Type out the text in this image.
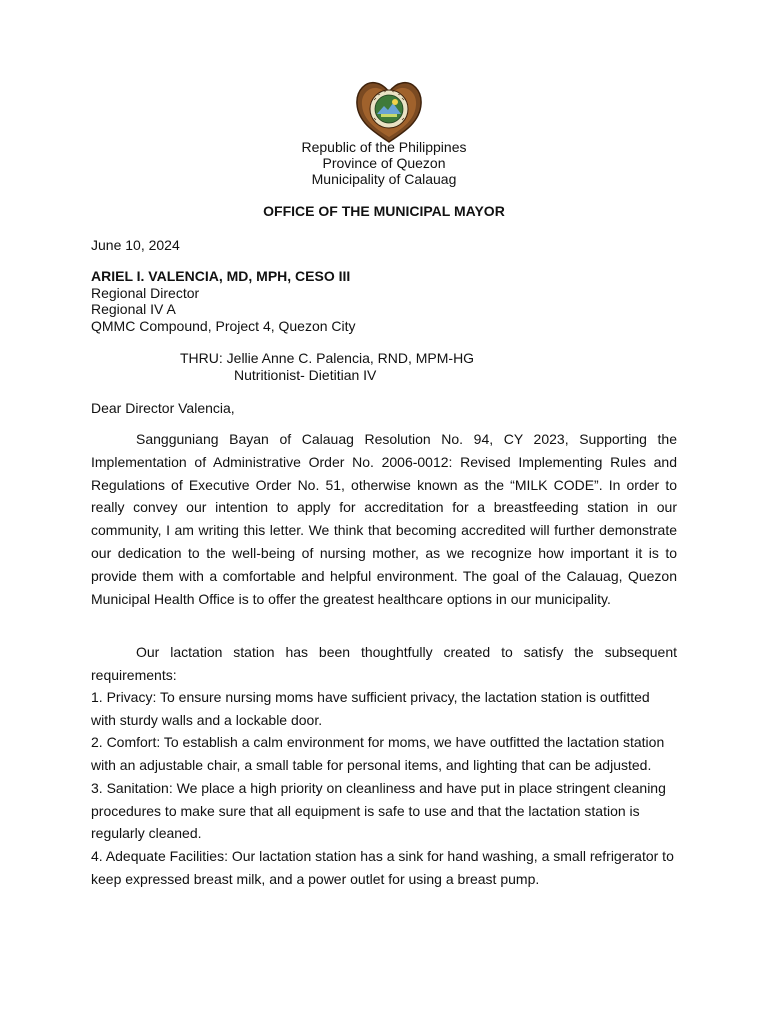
Republic of the Philippines
Province of Quezon
Municipality of Calauag
OFFICE OF THE MUNICIPAL MAYOR
June 10, 2024
ARIEL I. VALENCIA, MD, MPH, CESO III
Regional Director
Regional IV A
QMMC Compound, Project 4, Quezon City
THRU: Jellie Anne C. Palencia, RND, MPM-HG
Nutritionist- Dietitian IV
Dear Director Valencia,

Sangguniang Bayan of Calauag Resolution No. 94, CY 2023, Supporting the Implementation of Administrative Order No. 2006-0012: Revised Implementing Rules and Regulations of Executive Order No. 51, otherwise known as the “MILK CODE”. In order to really convey our intention to apply for accreditation for a breastfeeding station in our community, I am writing this letter. We think that becoming accredited will further demonstrate our dedication to the well-being of nursing mother, as we recognize how important it is to provide them with a comfortable and helpful environment. The goal of the Calauag, Quezon Municipal Health Office is to offer the greatest healthcare options in our municipality.

Our lactation station has been thoughtfully created to satisfy the subsequent requirements:

1. Privacy: To ensure nursing moms have sufficient privacy, the lactation station is outfitted with sturdy walls and a lockable door.
2. Comfort: To establish a calm environment for moms, we have outfitted the lactation station with an adjustable chair, a small table for personal items, and lighting that can be adjusted.
3. Sanitation: We place a high priority on cleanliness and have put in place stringent cleaning procedures to make sure that all equipment is safe to use and that the lactation station is regularly cleaned.
4. Adequate Facilities: Our lactation station has a sink for hand washing, a small refrigerator to keep expressed breast milk, and a power outlet for using a breast pump.
